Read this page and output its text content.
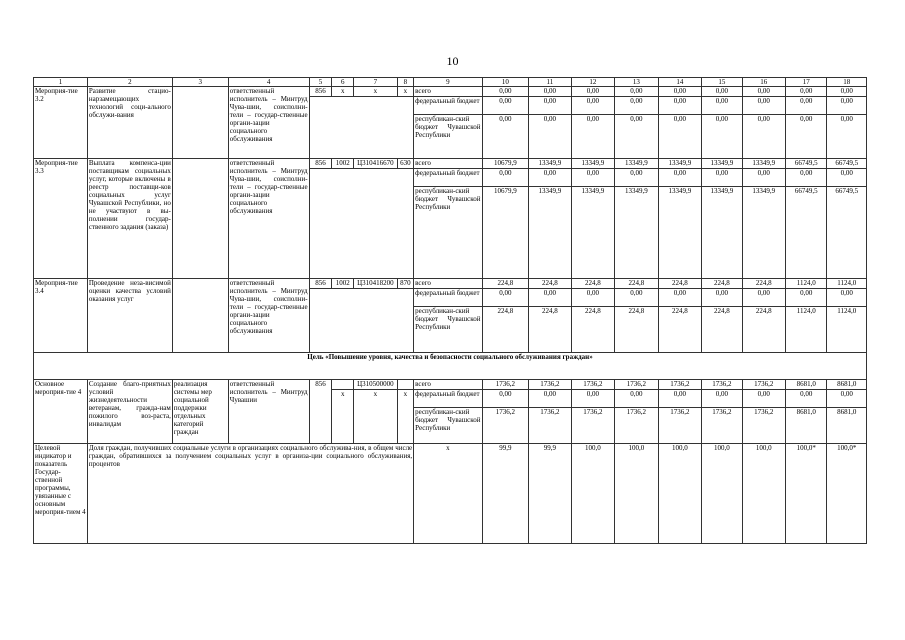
10
1	2	3	4	5	6	7	8	9	10	11	12	13	14	15	16	17	18
Мероприя-тие 3.2	Развитие стацио-нарзамещающих технологий соци-ального обслужи-вания		ответственный исполнитель – Минтруд Чува-шии, соисполни-тели – государ-ственные органи-зации социального обслуживания	856	x	x	x	всего	0,00	0,00	0,00	0,00	0,00	0,00	0,00	0,00	0,00
								федеральный бюджет	0,00	0,00	0,00	0,00	0,00	0,00	0,00	0,00	0,00
								республикан-ский бюджет Чувашской Республики	0,00	0,00	0,00	0,00	0,00	0,00	0,00	0,00	0,00
Мероприя-тие 3.3	Выплата компенса-ции поставщикам социальных услуг, которые включены в реестр поставщи-ков социальных услуг Чувашской Республики, но не участвуют в вы-полнении государ-ственного задания (заказа)		ответственный исполнитель – Минтруд Чува-шии, соисполни-тели – государ-ственные органи-зации социального обслуживания	856	1002	Ц310416670	630	всего	10679,9	13349,9	13349,9	13349,9	13349,9	13349,9	13349,9	66749,5	66749,5
								федеральный бюджет	0,00	0,00	0,00	0,00	0,00	0,00	0,00	0,00	0,00
								республикан-ский бюджет Чувашской Республики	10679,9	13349,9	13349,9	13349,9	13349,9	13349,9	13349,9	66749,5	66749,5
Мероприя-тие 3.4	Проведение неза-висимой оценки качества условий оказания услуг		ответственный исполнитель – Минтруд Чува-шии, соисполни-тели – государ-ственные органи-зации социального обслуживания	856	1002	Ц310418200	870	всего	224,8	224,8	224,8	224,8	224,8	224,8	224,8	1124,0	1124,0
								федеральный бюджет	0,00	0,00	0,00	0,00	0,00	0,00	0,00	0,00	0,00
								республикан-ский бюджет Чувашской Республики	224,8	224,8	224,8	224,8	224,8	224,8	224,8	1124,0	1124,0
Цель «Повышение уровня, качества и безопасности социального обслуживания граждан»																	
Основное мероприя-тие 4	Создание благо-приятных условий жизнедеятельности ветеранам, гражда-нам пожилого воз-раста, инвалидам	реализация системы мер социальной поддержки отдельных категорий граждан	ответственный исполнитель – Минтруд Чувашии	856		Ц310500000		всего	1736,2	1736,2	1736,2	1736,2	1736,2	1736,2	1736,2	8681,0	8681,0
					x	x	x	федеральный бюджет	0,00	0,00	0,00	0,00	0,00	0,00	0,00	0,00	0,00
								республикан-ский бюджет Чувашской Республики	1736,2	1736,2	1736,2	1736,2	1736,2	1736,2	1736,2	8681,0	8681,0
Целевой индикатор и показатель Государ-ственной программы, увязанные с основным мероприя-тием 4	Доля граждан, получивших социальные услуги в организациях социального обслужива-ния, в общем числе граждан, обратившихся за получением социальных услуг в организа-ции социального обслуживания, процентов							x	99,9	99,9	100,0	100,0	100,0	100,0	100,0	100,0*	100,0*
